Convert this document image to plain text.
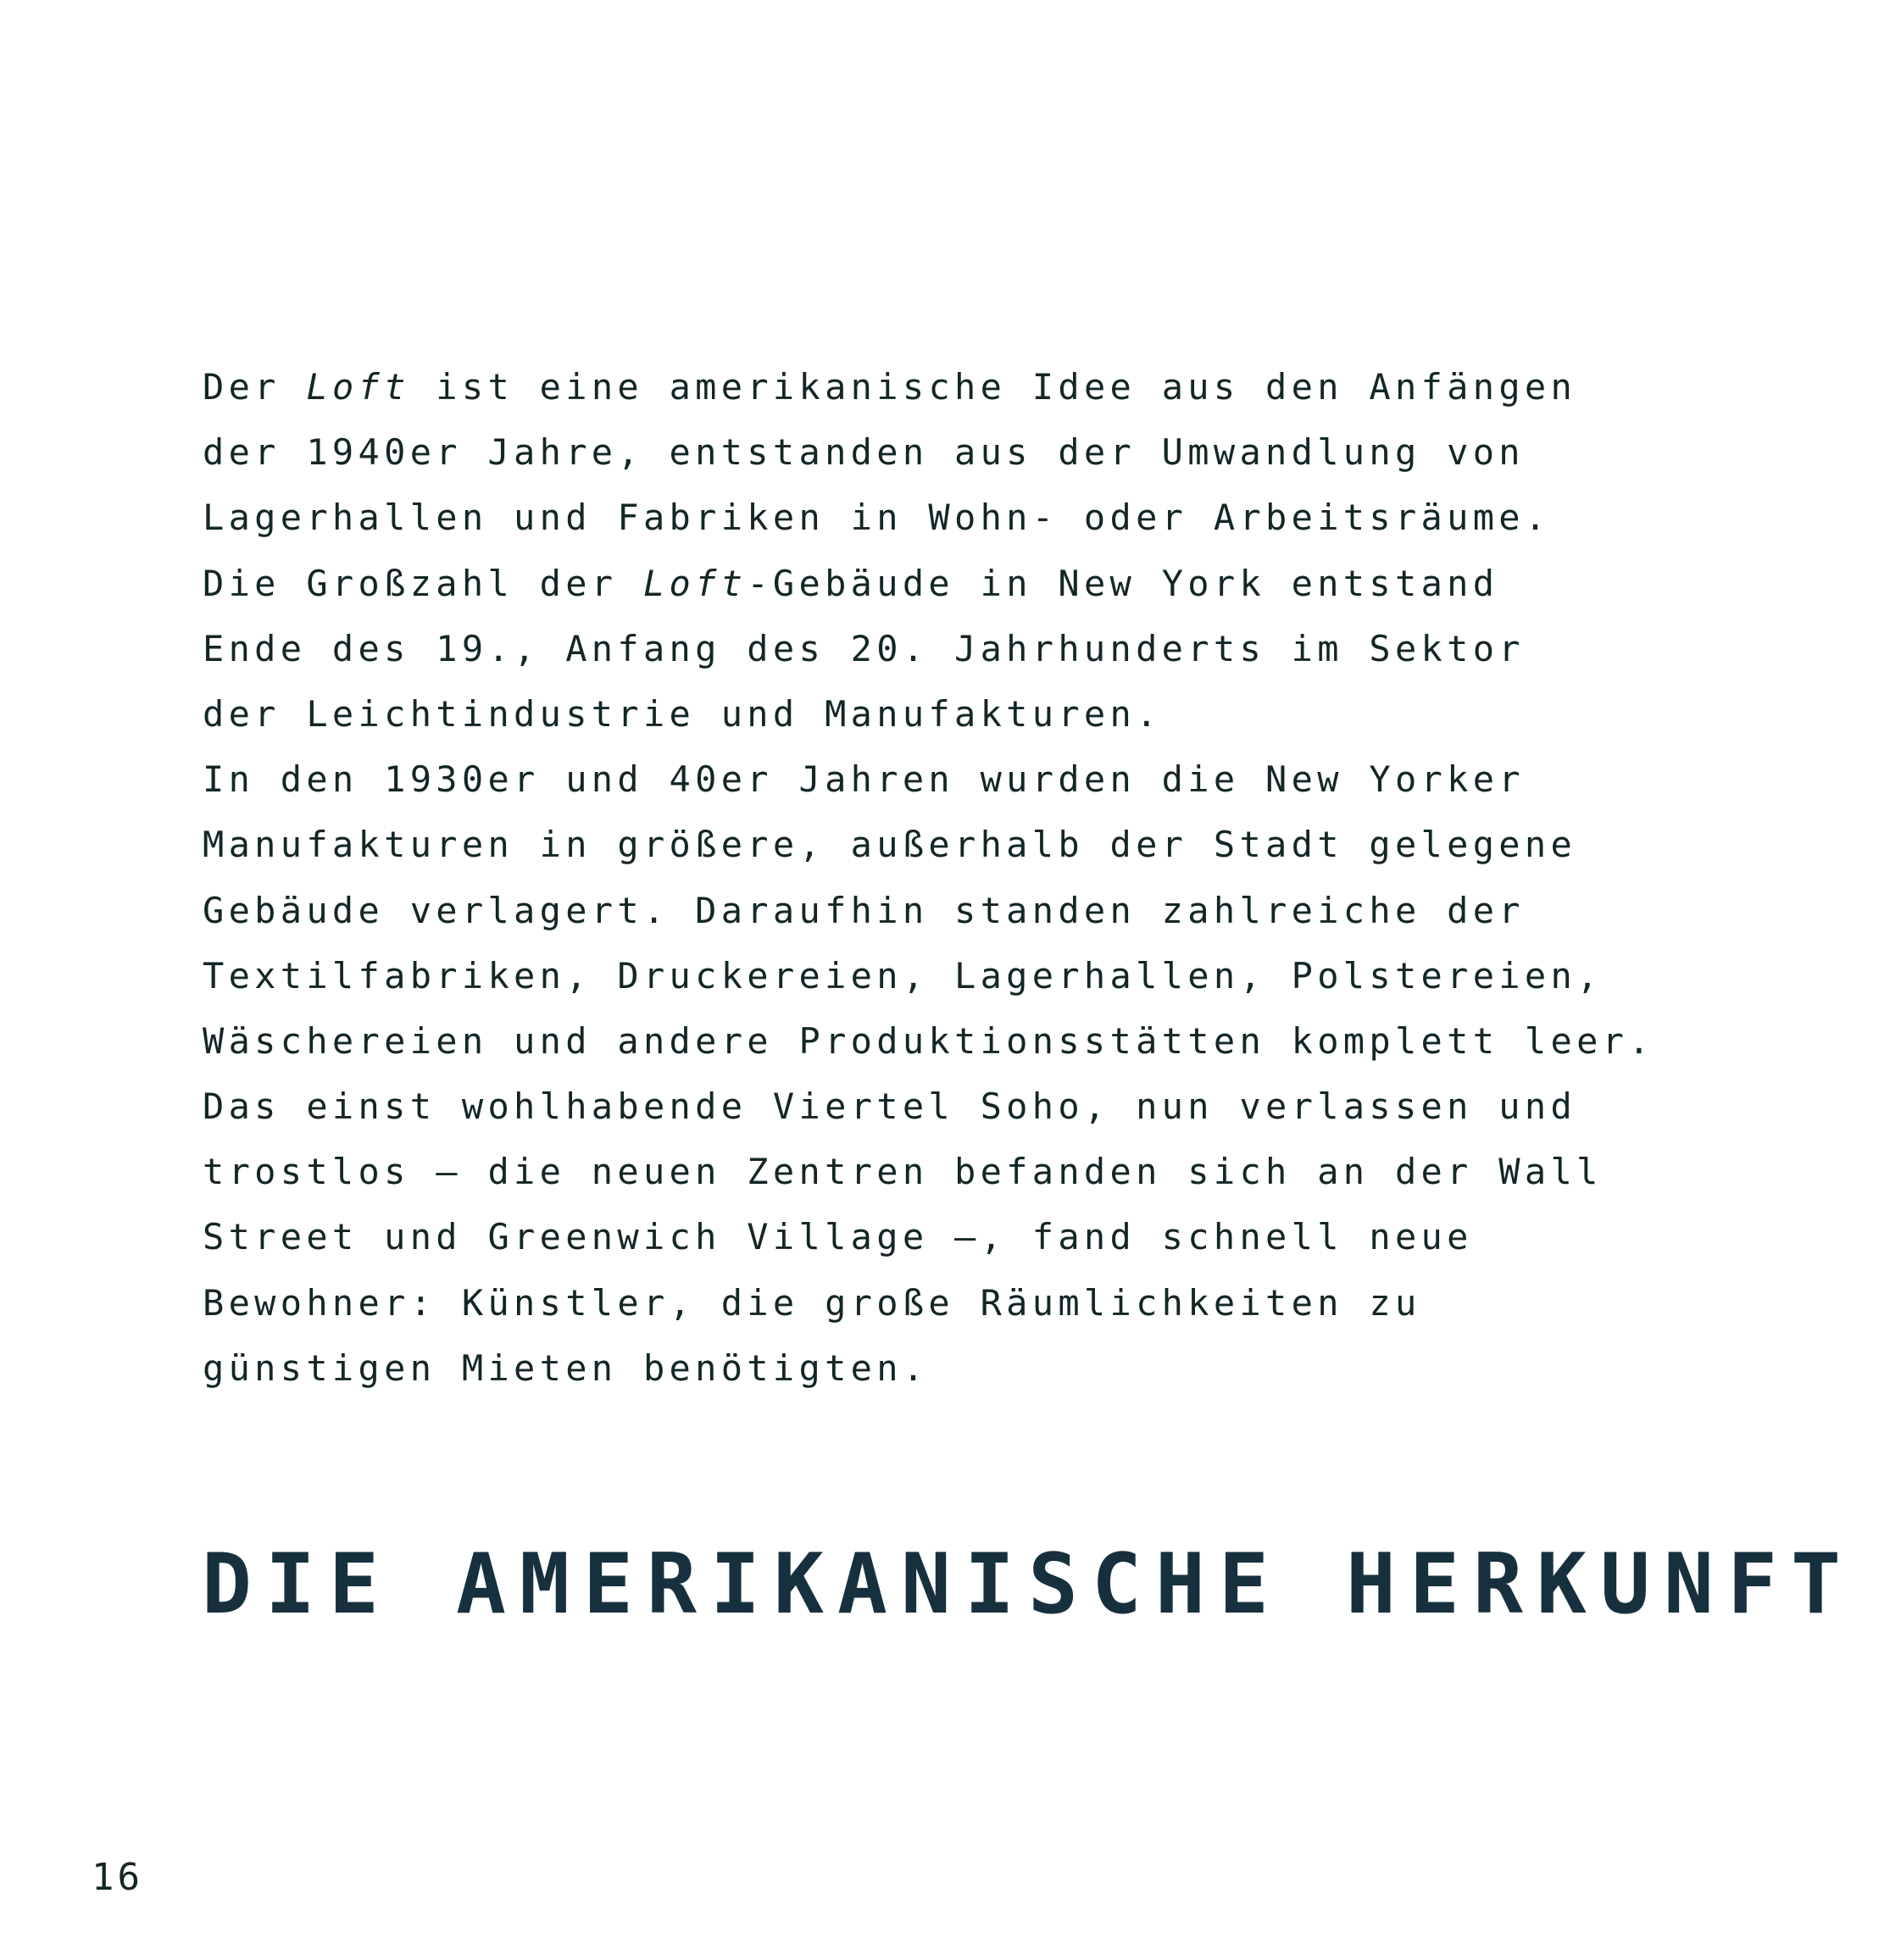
Der Loft ist eine amerikanische Idee aus den Anfängen
der 1940er Jahre, entstanden aus der Umwandlung von
Lagerhallen und Fabriken in Wohn- oder Arbeitsräume.
Die Großzahl der Loft-Gebäude in New York entstand
Ende des 19., Anfang des 20. Jahrhunderts im Sektor
der Leichtindustrie und Manufakturen.
In den 1930er und 40er Jahren wurden die New Yorker
Manufakturen in größere, außerhalb der Stadt gelegene
Gebäude verlagert. Daraufhin standen zahlreiche der
Textilfabriken, Druckereien, Lagerhallen, Polstereien,
Wäschereien und andere Produktionsstätten komplett leer.
Das einst wohlhabende Viertel Soho, nun verlassen und
trostlos – die neuen Zentren befanden sich an der Wall
Street und Greenwich Village –, fand schnell neue
Bewohner: Künstler, die große Räumlichkeiten zu
günstigen Mieten benötigten.
DIE AMERIKANISCHE HERKUNFT
16
